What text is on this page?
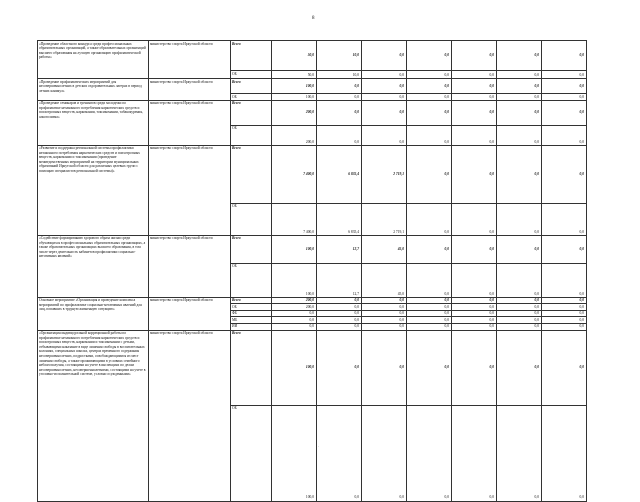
8
«Проведение областного конкурса среди профессиональных образовательных организаций, а также образовательных организаций высшего образования на лучшую организацию профилактической работы»	министерство спорта Иркутской области	Всего	50,0	10,0	0,0	0,0	0,0	0,0	0,0
		ОБ	50,0	10,0	0,0	0,0	0,0	0,0	0,0
«Проведение профилактических мероприятий для несовершеннолетних в детских оздоровительных лагерях в период летних каникул»	министерство спорта Иркутской области	Всего	100,0	0,0	0,0	0,0	0,0	0,0	0,0
		ОБ	100,0	0,0	0,0	0,0	0,0	0,0	0,0
«Проведение семинаров и тренингов среди молодежи по профилактике незаконного потребления наркотических средств и психотропных веществ, наркомании, токсикомании, табакокурения, алкоголизма»	министерство спорта Иркутской области	Всего	200,0	0,0	0,0	0,0	0,0	0,0	0,0
		ОБ	200,0	0,0	0,0	0,0	0,0	0,0	0,0
«Развитие и поддержка региональной системы профилактики незаконного потребления наркотических средств и психотропных веществ, наркомании и токсикомании (проведение межведомственных мероприятий на территории муниципальных образований Иркутской области для различных целевых групп с помощью специалистов региональной системы)»	министерство спорта Иркутской области	Всего	7 400,0	6 835,4	2 719,1	0,0	0,0	0,0	0,0
		ОБ	7 400,0	6 835,4	2 719,1	0,0	0,0	0,0	0,0
«Содействие формированию здорового образа жизни среди обучающихся в профессиональных образовательных организациях, а также образовательных организациях высшего образования, в том числе через деятельность кабинетов профилактики социально-негативных явлений»	министерство спорта Иркутской области	Всего	100,0	12,7	45,0	0,0	0,0	0,0	0,0
		ОБ	100,0	12,7	45,0	0,0	0,0	0,0	0,0
Основное мероприятие «Организация и проведение комплекса мероприятий по профилактике социально-негативных явлений для лиц, попавших в трудную жизненную ситуацию»	министерство спорта Иркутской области	Всего	200,0	0,0	0,0	0,0	0,0	0,0	0,0
		ОБ	200,0	0,0	0,0	0,0	0,0	0,0	0,0
		ФБ	0,0	0,0	0,0	0,0	0,0	0,0	0,0
		МБ	0,0	0,0	0,0	0,0	0,0	0,0	0,0
		ИИ	0,0	0,0	0,0	0,0	0,0	0,0	0,0
«Организация индивидуальной корреционной работы по профилактике незаконного потребления наркотических средств и психотропных веществ, наркомании и токсикомании с детьми, отбывающими наказание в виде лишения свободы в воспитательных колониях, специальных школах, центрах временного содержания несовершеннолетних, подростками, освобождающимися из мест лишения свободы, а также проживающими в условиях семейного неблагополучия, состоящими на учете в инспекциях по делам несовершеннолетних, несовершеннолетними, состоящими на учете в уголовно-исполнительной системе, условно осужденными»	министерство спорта Иркутской области	Всего	100,0	0,0	0,0	0,0	0,0	0,0	0,0
		ОБ	100,0	0,0	0,0	0,0	0,0	0,0	0,0
·
